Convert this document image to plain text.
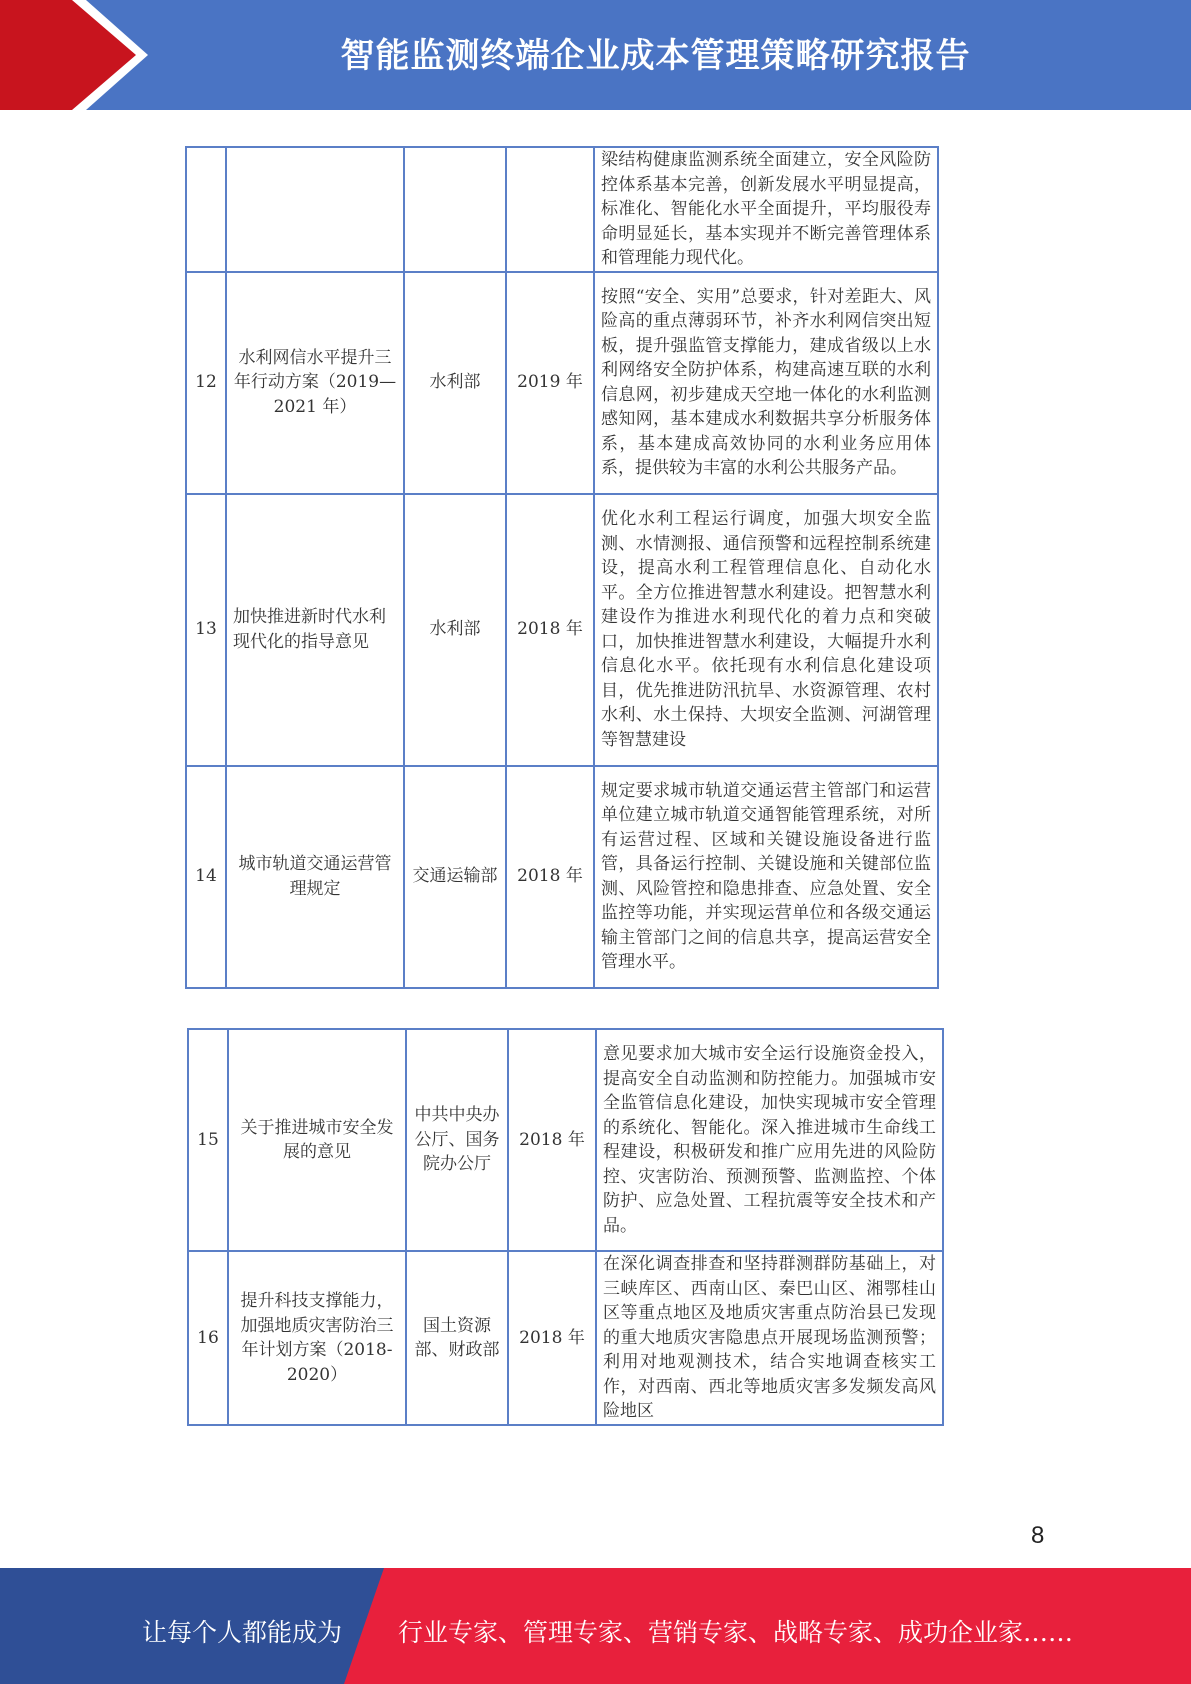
智能监测终端企业成本管理策略研究报告
				梁结构健康监测系统全面建立，安全风险防控体系基本完善，创新发展水平明显提高，标准化、智能化水平全面提升，平均服役寿命明显延长，基本实现并不断完善管理体系和管理能力现代化。
12	水利网信水平提升三年行动方案（2019—2021 年）	水利部	2019 年	按照“安全、实用”总要求，针对差距大、风险高的重点薄弱环节，补齐水利网信突出短板，提升强监管支撑能力，建成省级以上水利网络安全防护体系，构建高速互联的水利信息网，初步建成天空地一体化的水利监测感知网，基本建成水利数据共享分析服务体系，基本建成高效协同的水利业务应用体系，提供较为丰富的水利公共服务产品。
13	加快推进新时代水利现代化的指导意见	水利部	2018 年	优化水利工程运行调度，加强大坝安全监测、水情测报、通信预警和远程控制系统建设，提高水利工程管理信息化、自动化水平。全方位推进智慧水利建设。把智慧水利建设作为推进水利现代化的着力点和突破口，加快推进智慧水利建设，大幅提升水利信息化水平。依托现有水利信息化建设项目，优先推进防汛抗旱、水资源管理、农村水利、水土保持、大坝安全监测、河湖管理等智慧建设
14	城市轨道交通运营管理规定	交通运输部	2018 年	规定要求城市轨道交通运营主管部门和运营单位建立城市轨道交通智能管理系统，对所有运营过程、区域和关键设施设备进行监管，具备运行控制、关键设施和关键部位监测、风险管控和隐患排查、应急处置、安全监控等功能，并实现运营单位和各级交通运输主管部门之间的信息共享，提高运营安全管理水平。
15	关于推进城市安全发展的意见	中共中央办公厅、国务院办公厅	2018 年	意见要求加大城市安全运行设施资金投入，提高安全自动监测和防控能力。加强城市安全监管信息化建设，加快实现城市安全管理的系统化、智能化。深入推进城市生命线工程建设，积极研发和推广应用先进的风险防控、灾害防治、预测预警、监测监控、个体防护、应急处置、工程抗震等安全技术和产品。
16	提升科技支撑能力，加强地质灾害防治三年计划方案（2018-2020）	国土资源部、财政部	2018 年	在深化调查排查和坚持群测群防基础上，对三峡库区、西南山区、秦巴山区、湘鄂桂山区等重点地区及地质灾害重点防治县已发现的重大地质灾害隐患点开展现场监测预警；利用对地观测技术，结合实地调查核实工作，对西南、西北等地质灾害多发频发高风险地区
8
让每个人都能成为 行业专家、管理专家、营销专家、战略专家、成功企业家……
